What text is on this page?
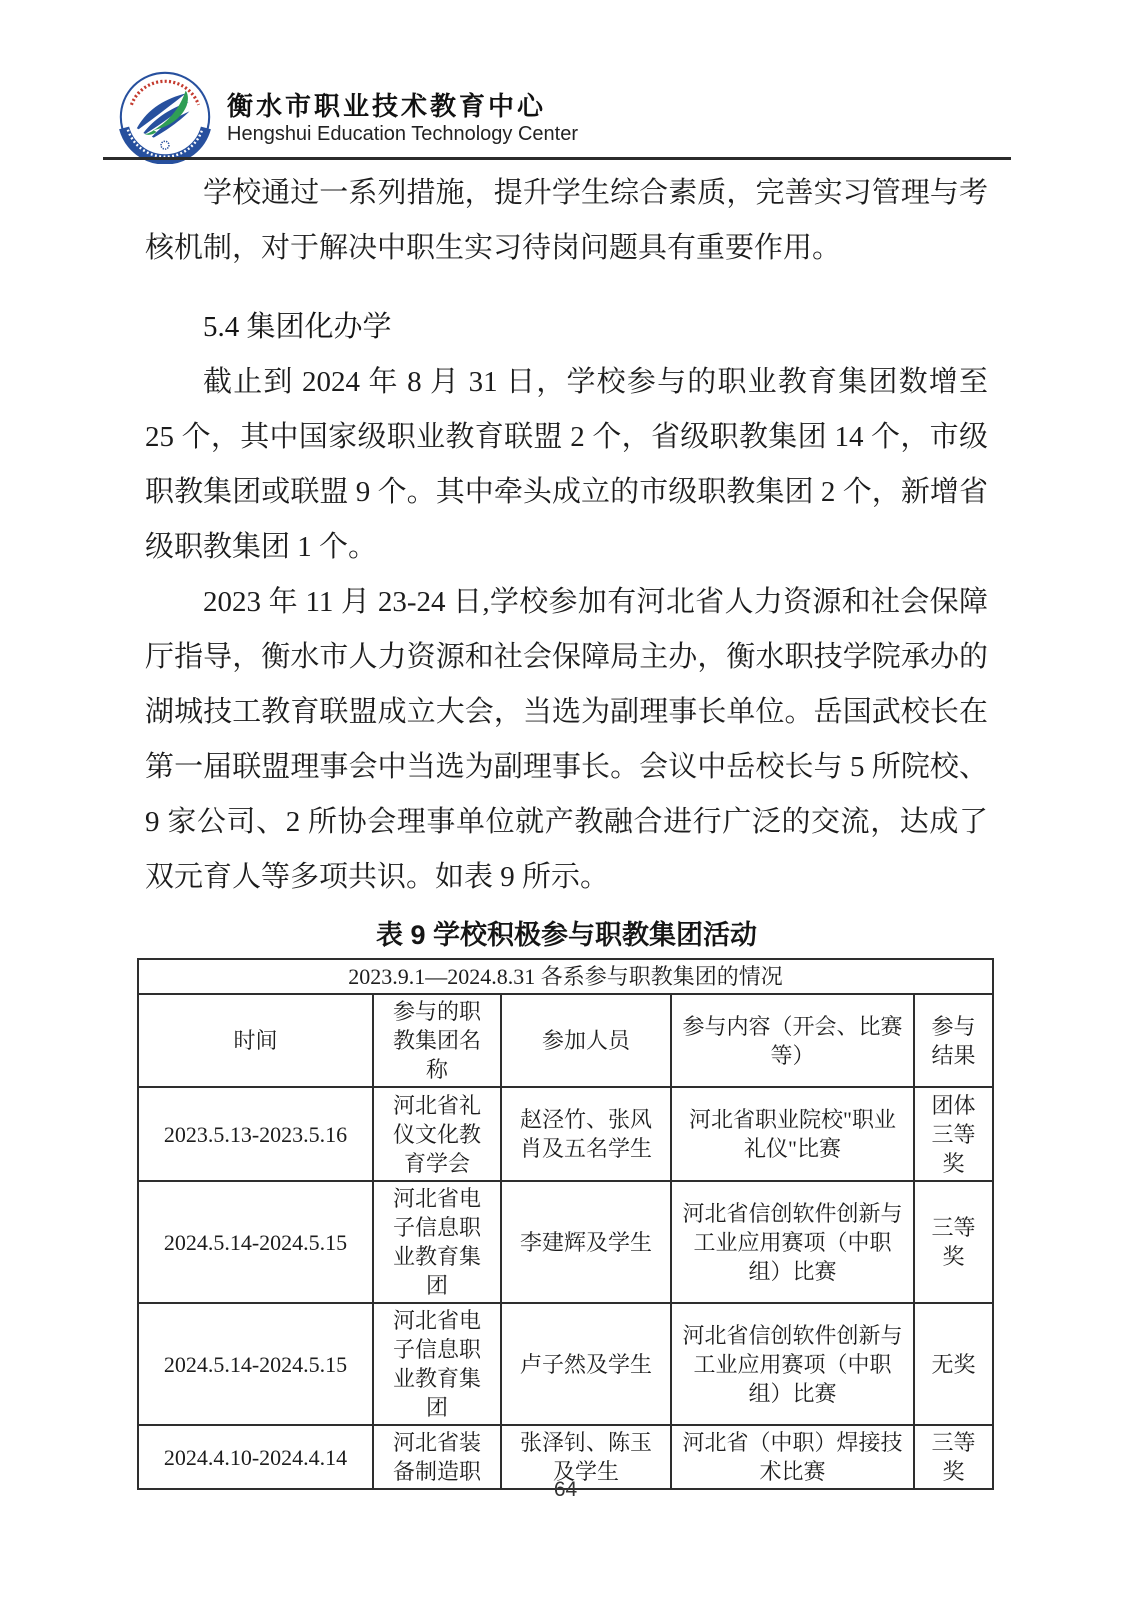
衡水市职业技术教育中心
Hengshui Education Technology Center

学校通过一系列措施，提升学生综合素质，完善实习管理与考核机制，对于解决中职生实习待岗问题具有重要作用。

5.4 集团化办学

截止到 2024 年 8 月 31 日，学校参与的职业教育集团数增至 25 个，其中国家级职业教育联盟 2 个，省级职教集团 14 个，市级职教集团或联盟 9 个。其中牵头成立的市级职教集团 2 个，新增省级职教集团 1 个。

2023 年 11 月 23-24 日,学校参加有河北省人力资源和社会保障厅指导，衡水市人力资源和社会保障局主办，衡水职技学院承办的湖城技工教育联盟成立大会，当选为副理事长单位。岳国武校长在第一届联盟理事会中当选为副理事长。会议中岳校长与 5 所院校、9 家公司、2 所协会理事单位就产教融合进行广泛的交流，达成了双元育人等多项共识。如表 9 所示。

表 9 学校积极参与职教集团活动
2023.9.1—2024.8.31 各系参与职教集团的情况				
时间	参与的职教集团名称	参加人员	参与内容（开会、比赛等）	参与结果
2023.5.13-2023.5.16	河北省礼仪文化教育学会	赵泾竹、张风肖及五名学生	河北省职业院校"职业礼仪"比赛	团体三等奖
2024.5.14-2024.5.15	河北省电子信息职业教育集团	李建辉及学生	河北省信创软件创新与工业应用赛项（中职组）比赛	三等奖
2024.5.14-2024.5.15	河北省电子信息职业教育集团	卢子然及学生	河北省信创软件创新与工业应用赛项（中职组）比赛	无奖
2024.4.10-2024.4.14	河北省装备制造职	张泽钊、陈玉及学生	河北省（中职）焊接技术比赛	三等奖
64
